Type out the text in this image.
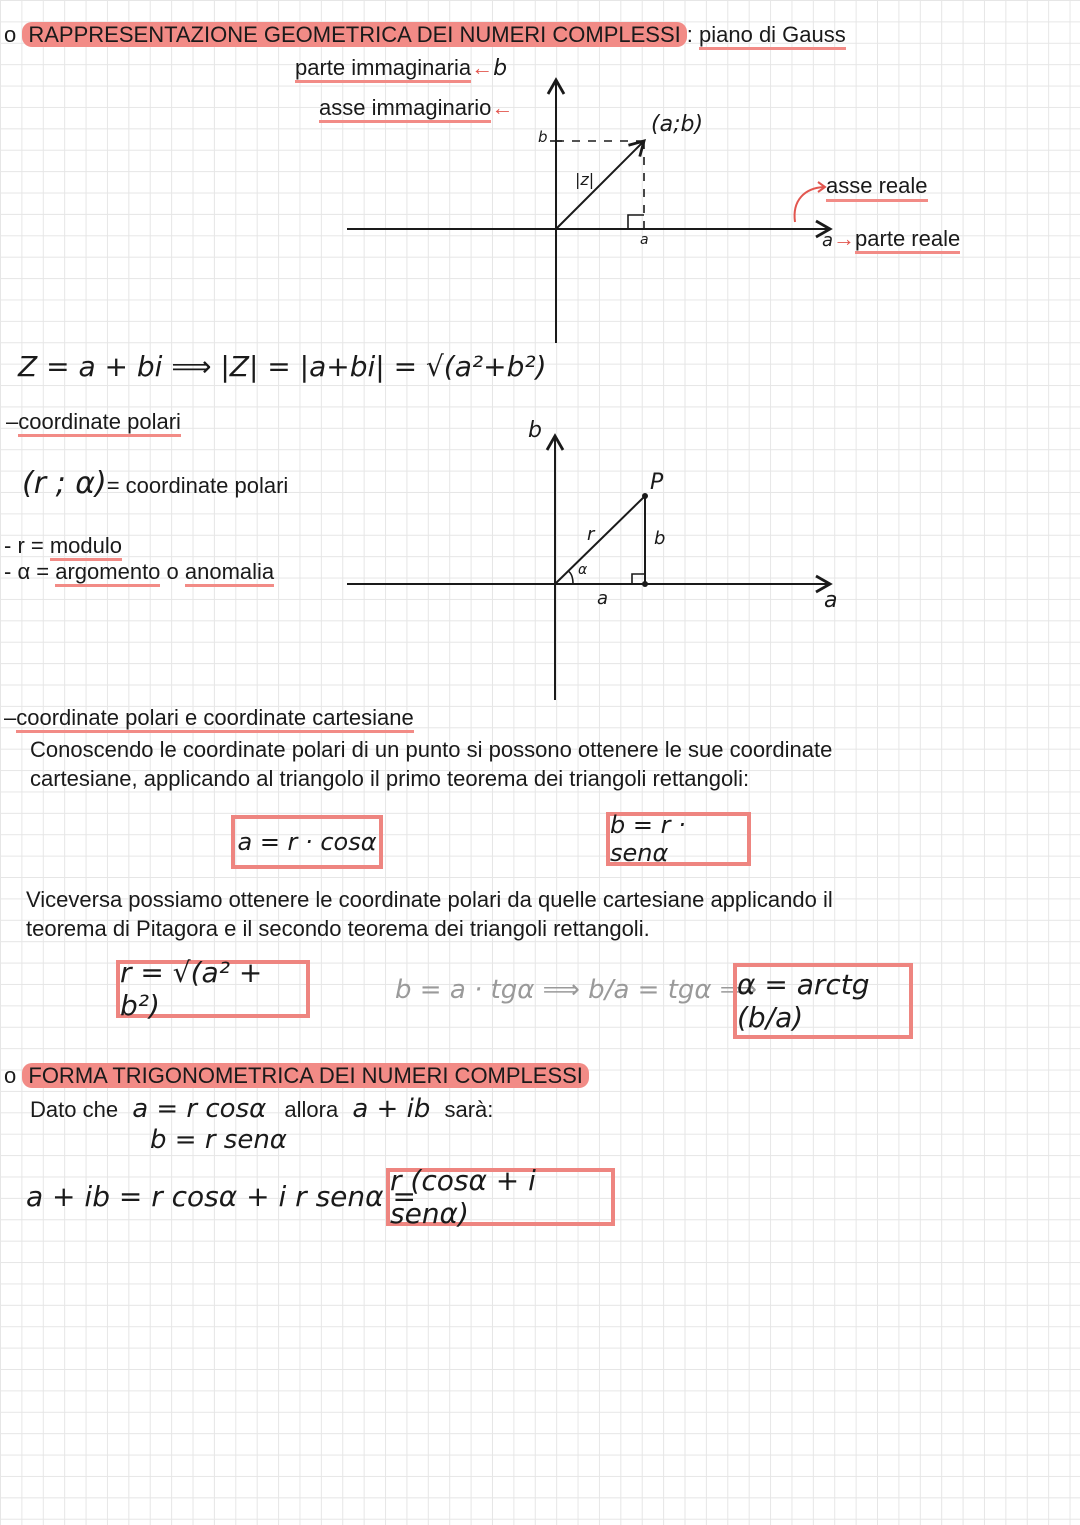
o RAPPRESENTAZIONE GEOMETRICA DEI NUMERI COMPLESSI : piano di Gauss
parte immaginaria←b
asse immaginario←
b	(a;b)
|z|
a
asse reale
a→parte reale
Z = a + bi ⟹ |Z| = |a+bi| = √(a²+b²)
–coordinate polari
(r ; α)= coordinate polari
- r = modulo
- α = argomento o anomalia
b
a
P
r	b
a
α
–coordinate polari e coordinate cartesiane
Conoscendo le coordinate polari di un punto si possono ottenere le sue coordinate
cartesiane, applicando al triangolo il primo teorema dei triangoli rettangoli:
a = r · cosα
b = r · senα
Viceversa possiamo ottenere le coordinate polari da quelle cartesiane applicando il
teorema di Pitagora e il secondo teorema dei triangoli rettangoli.
r = √(a² + b²)	b = a · tgα ⟹ b/a = tgα ⟹
α = arctg (b/a)
o FORMA TRIGONOMETRICA DEI NUMERI COMPLESSI
Dato che a = r cosα allora a + ib sarà:
b = r senα
a + ib = r cosα + i r senα =
r (cosα + i senα)
